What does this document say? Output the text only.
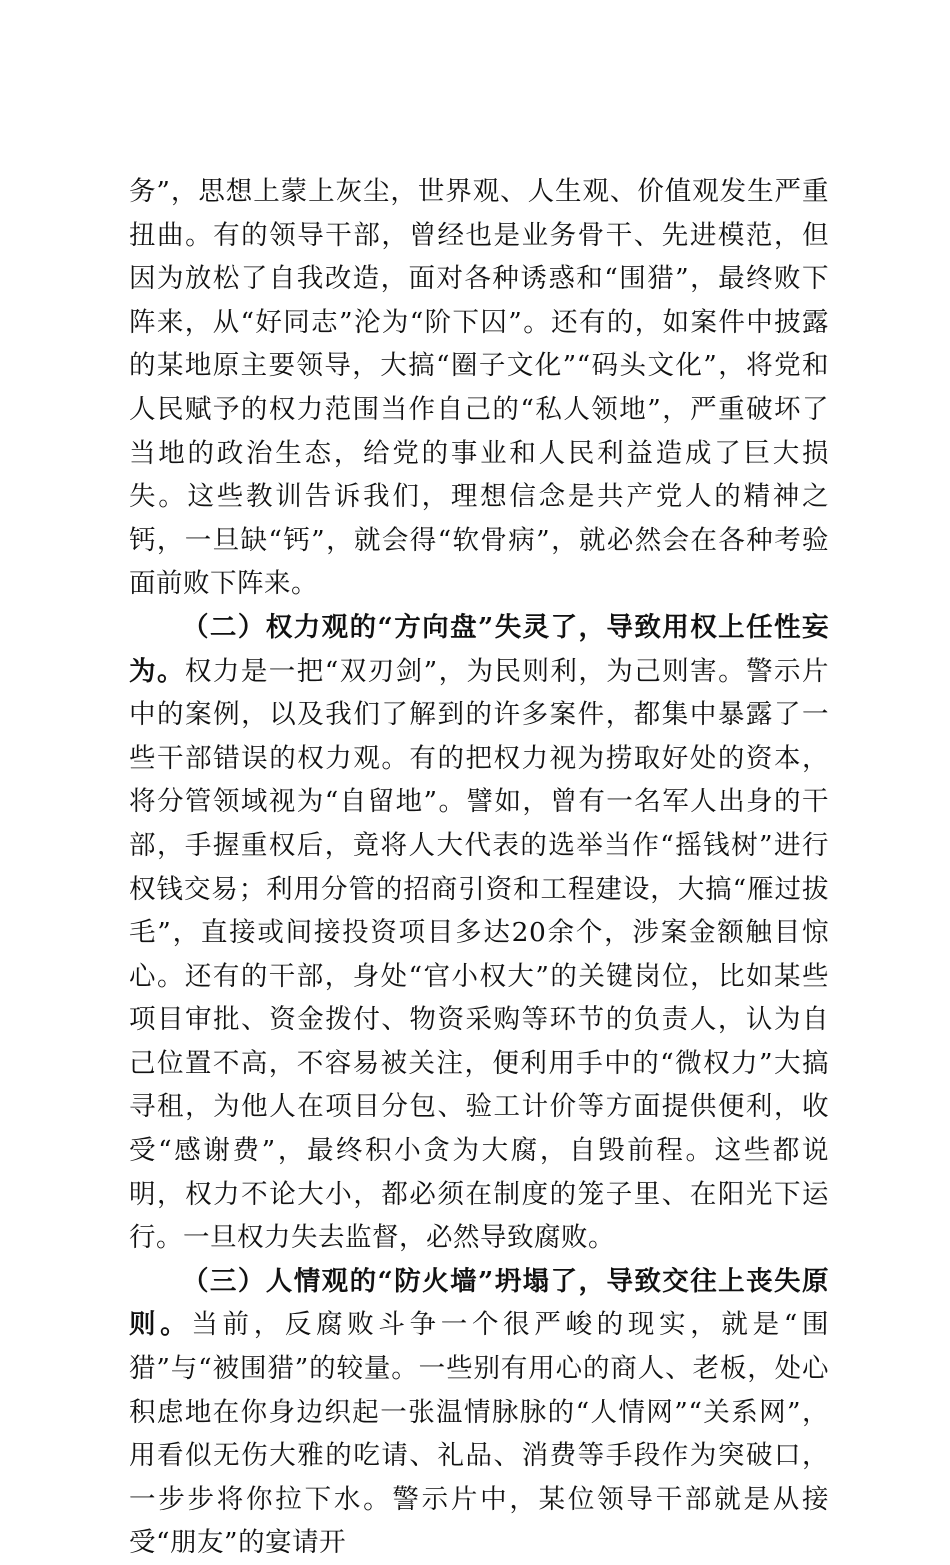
务”，思想上蒙上灰尘，世界观、人生观、价值观发生严重扭曲。有的领导干部，曾经也是业务骨干、先进模范，但因为放松了自我改造，面对各种诱惑和“围猎”，最终败下阵来，从“好同志”沦为“阶下囚”。还有的，如案件中披露的某地原主要领导，大搞“圈子文化”“码头文化”，将党和人民赋予的权力范围当作自己的“私人领地”，严重破坏了当地的政治生态，给党的事业和人民利益造成了巨大损失。这些教训告诉我们，理想信念是共产党人的精神之钙，一旦缺“钙”，就会得“软骨病”，就必然会在各种考验面前败下阵来。

（二）权力观的“方向盘”失灵了，导致用权上任性妄为。权力是一把“双刃剑”，为民则利，为己则害。警示片中的案例，以及我们了解到的许多案件，都集中暴露了一些干部错误的权力观。有的把权力视为捞取好处的资本，将分管领域视为“自留地”。譬如，曾有一名军人出身的干部，手握重权后，竟将人大代表的选举当作“摇钱树”进行权钱交易；利用分管的招商引资和工程建设，大搞“雁过拔毛”，直接或间接投资项目多达20余个，涉案金额触目惊心。还有的干部，身处“官小权大”的关键岗位，比如某些项目审批、资金拨付、物资采购等环节的负责人，认为自己位置不高，不容易被关注，便利用手中的“微权力”大搞寻租，为他人在项目分包、验工计价等方面提供便利，收受“感谢费”，最终积小贪为大腐，自毁前程。这些都说明，权力不论大小，都必须在制度的笼子里、在阳光下运行。一旦权力失去监督，必然导致腐败。

（三）人情观的“防火墙”坍塌了，导致交往上丧失原则。当前，反腐败斗争一个很严峻的现实，就是“围猎”与“被围猎”的较量。一些别有用心的商人、老板，处心积虑地在你身边织起一张温情脉脉的“人情网”“关系网”，用看似无伤大雅的吃请、礼品、消费等手段作为突破口，一步步将你拉下水。警示片中，某位领导干部就是从接受“朋友”的宴请开
